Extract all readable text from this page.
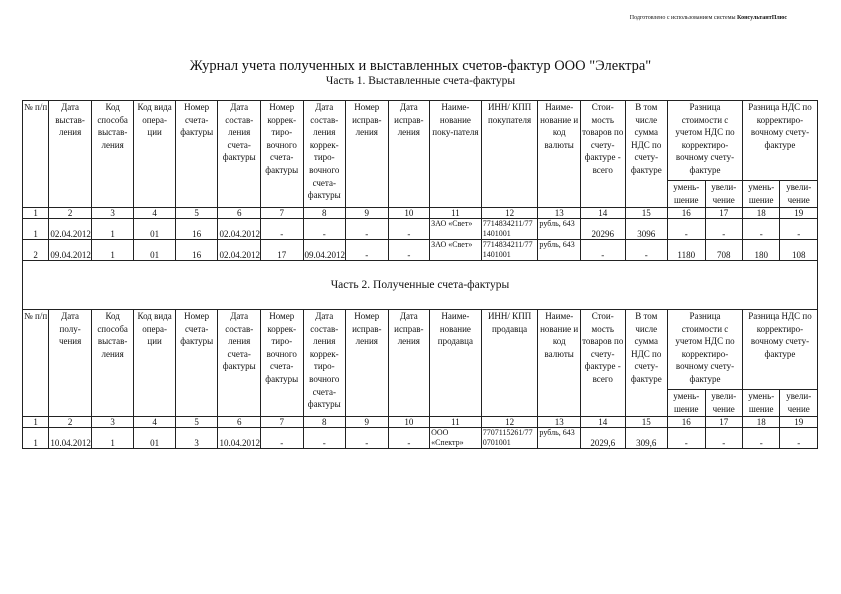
Подготовлено с использованием системы КонсультантПлюс
Журнал учета полученных и выставленных счетов-фактур ООО "Электра"
Часть 1. Выставленные счета-фактуры
№ п/п	Дата выстав-ления	Код способа выстав-ления	Код вида опера-ции	Номер счета-фактуры	Дата состав-ления счета-фактуры	Номер коррек-тиро-вочного счета-фактуры	Дата состав-ления коррек-тиро-вочного счета-фактуры	Номер исправ-ления	Дата исправ-ления	Наиме-нование поку-пателя	ИНН/ КПП покупателя	Наиме-нование и код валюты	Стои-мость товаров по счету-фактуре - всего	В том числе сумма НДС по счету-фактуре	Разница стоимости с учетом НДС по корректиро-вочному счету-фактуре		Разница НДС по корректиро-вочному счету-фактуре	
															умень-шение	увели-чение	умень-шение	увели-чение
1	2	3	4	5	6	7	8	9	10	11	12	13	14	15	16	17	18	19
1	02.04.2012	1	01	16	02.04.2012	-	-	-	-	ЗАО «Свет»	7714834211/771401001	рубль, 643	20296	3096	-	-	-	-
2	09.04.2012	1	01	16	02.04.2012	17	09.04.2012	-	-	ЗАО «Свет»	7714834211/771401001	рубль, 643	-	-	1180	708	180	108
Часть 2. Полученные счета-фактуры																		
№ п/п	Дата полу-чения	Код способа выстав-ления	Код вида опера-ции	Номер счета-фактуры	Дата состав-ления счета-фактуры	Номер коррек-тиро-вочного счета-фактуры	Дата состав-ления коррек-тиро-вочного счета-фактуры	Номер исправ-ления	Дата исправ-ления	Наиме-нование продавца	ИНН/ КПП продавца	Наиме-нование и код валюты	Стои-мость товаров по счету-фактуре - всего	В том числе сумма НДС по счету-фактуре	Разница стоимости с учетом НДС по корректиро-вочному счету-фактуре		Разница НДС по корректиро-вочному счету-фактуре	
															умень-шение	увели-чение	умень-шение	увели-чение
1	2	3	4	5	6	7	8	9	10	11	12	13	14	15	16	17	18	19
1	10.04.2012	1	01	3	10.04.2012	-	-	-	-	ООО «Спектр»	7707115261/770701001	рубль, 643	2029,6	309,6	-	-	-	-
